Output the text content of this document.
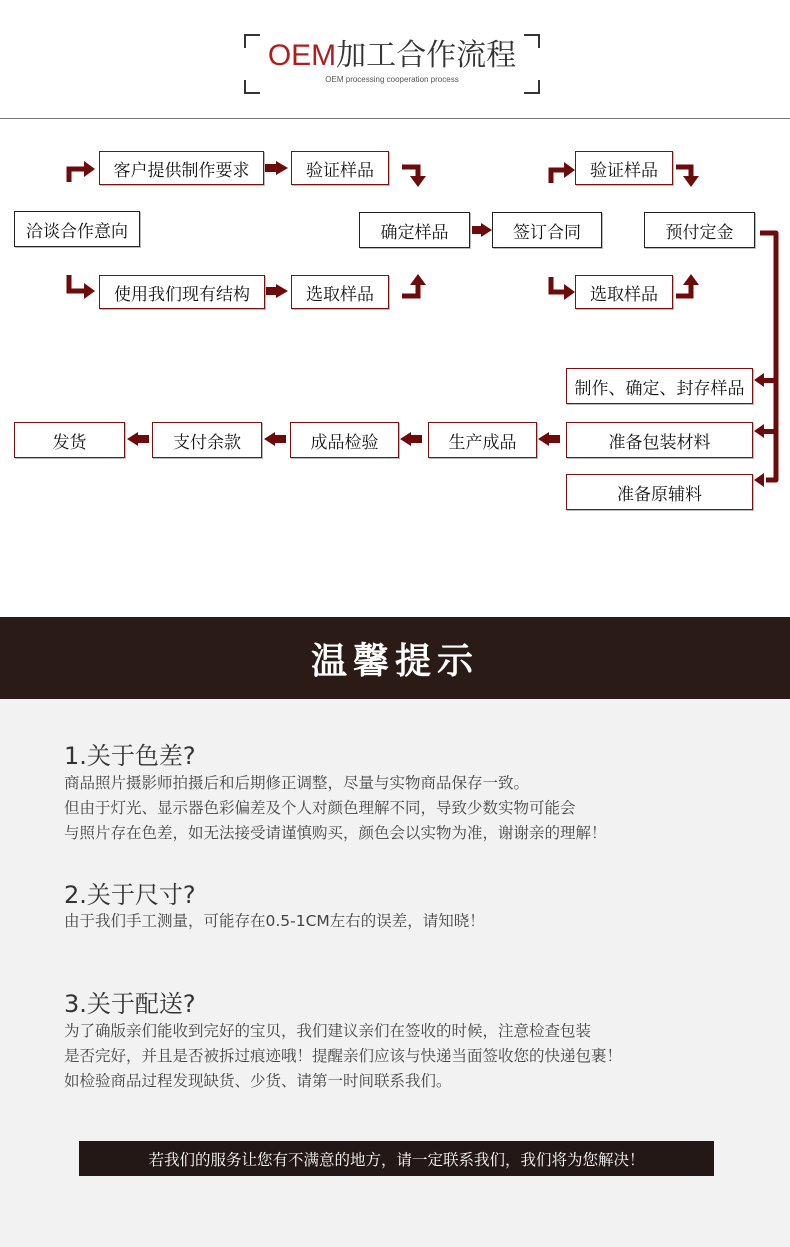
OEM加工合作流程
OEM processing cooperation process
洽谈合作意向
客户提供制作要求	验证样品
使用我们现有结构	选取样品
确定样品	签订合同
验证样品
选取样品
预付定金
制作、确定、封存样品
准备包装材料
准备原辅料
生产成品
成品检验
支付余款
发货
温馨提示
1.关于色差?
商品照片摄影师拍摄后和后期修正调整，尽量与实物商品保存一致。
但由于灯光、显示器色彩偏差及个人对颜色理解不同，导致少数实物可能会
与照片存在色差，如无法接受请谨慎购买，颜色会以实物为准，谢谢亲的理解！
2.关于尺寸?
由于我们手工测量，可能存在0.5-1CM左右的误差，请知晓！
3.关于配送?
为了确版亲们能收到完好的宝贝，我们建议亲们在签收的时候，注意检查包装
是否完好，并且是否被拆过痕迹哦！提醒亲们应该与快递当面签收您的快递包裹！
如检验商品过程发现缺货、少货、请第一时间联系我们。
若我们的服务让您有不满意的地方，请一定联系我们，我们将为您解决！
